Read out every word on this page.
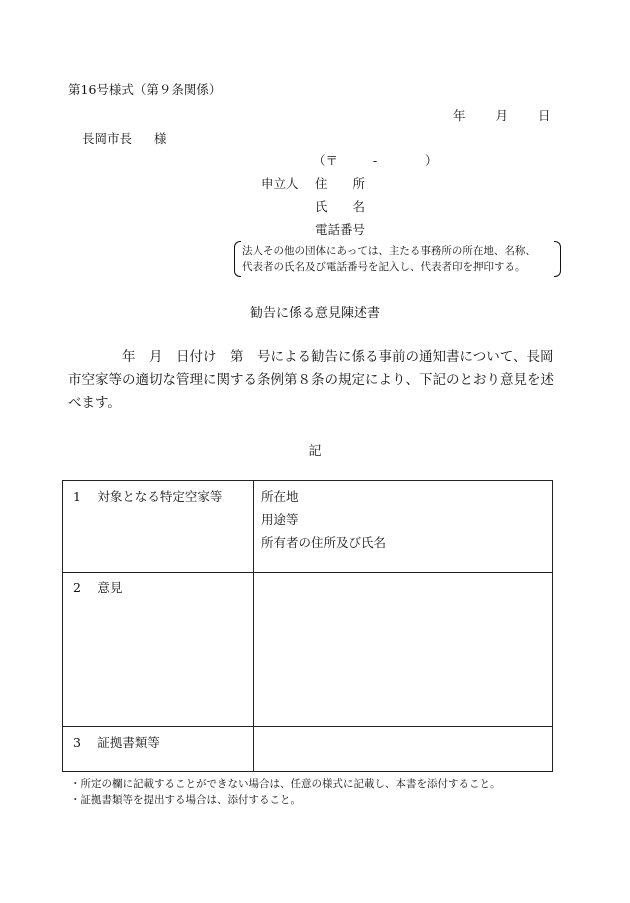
第16号様式（第９条関係）
年 月 日
長岡市長 様
（〒	-	）
申立人 住　　所
氏　　名
電話番号
法人その他の団体にあっては、主たる事務所の所在地、名称、
代表者の氏名及び電話番号を記入し、代表者印を押印する。
勧告に係る意見陳述書
年　月　日付け　第　号による勧告に係る事前の通知書について、長岡市空家等の適切な管理に関する条例第８条の規定により、下記のとおり意見を述べます。
記
1　 対象となる特定空家等	所在地
用途等
所有者の住所及び氏名
2　 意見
3　 証拠書類等
・所定の欄に記載することができない場合は、任意の様式に記載し、本書を添付すること。
・証拠書類等を提出する場合は、添付すること。
